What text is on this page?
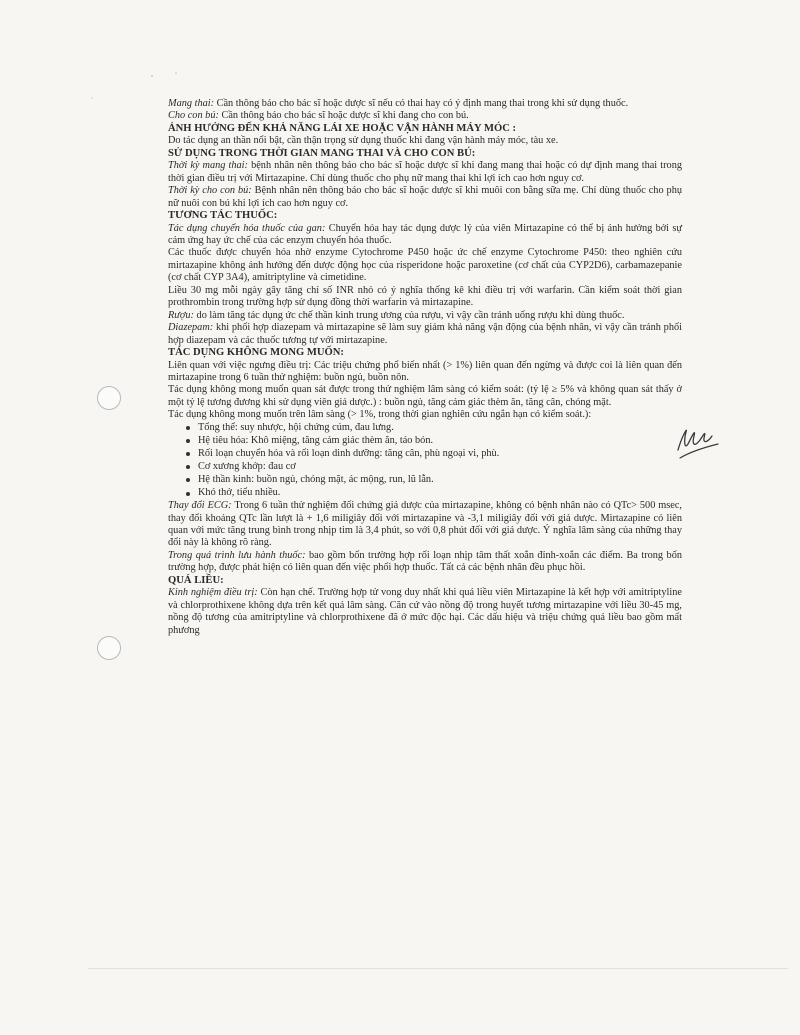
Mang thai: Cần thông báo cho bác sĩ hoặc dược sĩ nếu có thai hay có ý định mang thai trong khi sử dụng thuốc.

Cho con bú: Cần thông báo cho bác sĩ hoặc dược sĩ khi đang cho con bú.

ẢNH HƯỞNG ĐẾN KHẢ NĂNG LÁI XE HOẶC VẬN HÀNH MÁY MÓC :

Do tác dụng an thần nổi bật, cần thận trọng sử dụng thuốc khi đang vận hành máy móc, tàu xe.

SỬ DỤNG TRONG THỜI GIAN MANG THAI VÀ CHO CON BÚ:

Thời kỳ mang thai: bệnh nhân nên thông báo cho bác sĩ hoặc dược sĩ khi đang mang thai hoặc có dự định mang thai trong thời gian điều trị với Mirtazapine. Chỉ dùng thuốc cho phụ nữ mang thai khi lợi ích cao hơn nguy cơ.

Thời kỳ cho con bú: Bệnh nhân nên thông báo cho bác sĩ hoặc dược sĩ khi muôi con bằng sữa mẹ. Chỉ dùng thuốc cho phụ nữ nuôi con bú khi lợi ích cao hơn nguy cơ.

TƯƠNG TÁC THUỐC:

Tác dụng chuyển hóa thuốc của gan: Chuyển hóa hay tác dụng dược lý của viên Mirtazapine có thể bị ảnh hưởng bởi sự cảm ứng hay ức chế của các enzym chuyển hóa thuốc.

Các thuốc được chuyển hóa nhờ enzyme Cytochrome P450 hoặc ức chế enzyme Cytochrome P450: theo nghiên cứu mirtazapine không ảnh hưởng đến dược động học của risperidone hoặc paroxetine (cơ chất của CYP2D6), carbamazepanie (cơ chất CYP 3A4), amitriptyline và cimetidine.

Liều 30 mg mỗi ngày gây tăng chỉ số INR nhỏ có ý nghĩa thống kê khi điều trị với warfarin. Cần kiểm soát thời gian prothrombin trong trường hợp sử dụng đồng thời warfarin và mirtazapine.

Rượu: do làm tăng tác dụng ức chế thần kinh trung ương của rượu, vì vậy cần tránh uống rượu khi dùng thuốc.

Diazepam: khi phối hợp diazepam và mirtazapine sẽ làm suy giảm khả năng vận động của bệnh nhân, vì vậy cần tránh phối hợp diazepam và các thuốc tương tự với mirtazapine.

TÁC DỤNG KHÔNG MONG MUỐN:

Liên quan với việc ngưng điều trị: Các triệu chứng phổ biến nhất (> 1%) liên quan đến ngừng và được coi là liên quan đến mirtazapine trong 6 tuần thử nghiệm: buồn ngủ, buồn nôn.

Tác dụng không mong muốn quan sát được trong thử nghiệm lâm sàng có kiểm soát: (tỷ lệ ≥ 5% và không quan sát thấy ở một tỷ lệ tương đương khi sử dụng viên giả dược.) : buồn ngủ, tăng cảm giác thèm ăn, tăng cân, chóng mặt.

Tác dụng không mong muốn trên lâm sàng (> 1%, trong thời gian nghiên cứu ngắn hạn có kiểm soát.):

Tổng thể: suy nhược, hội chứng cúm, đau lưng.
Hệ tiêu hóa: Khô miệng, tăng cảm giác thèm ăn, táo bón.
Rối loạn chuyển hóa và rối loạn dinh dưỡng: tăng cân, phù ngoại vi, phù.
Cơ xương khớp: đau cơ
Hệ thần kinh: buồn ngủ, chóng mặt, ác mộng, run, lũ lẫn.
Khó thở, tiểu nhiều.

Thay đổi ECG: Trong 6 tuần thử nghiệm đối chứng giả dược của mirtazapine, không có bệnh nhân nào có QTc> 500 msec, thay đổi khoảng QTc lần lượt là + 1,6 miligiây đối với mirtazapine và -3,1 miligiây đối với giả dược. Mirtazapine có liên quan với mức tăng trung bình trong nhịp tim là 3,4 phút, so với 0,8 phút đối với giả dược. Ý nghĩa lâm sàng của những thay đổi này là không rõ ràng.

Trong quá trình lưu hành thuốc: bao gồm bốn trường hợp rối loạn nhịp tâm thất xoắn đỉnh-xoắn các điểm. Ba trong bốn trường hợp, được phát hiện có liên quan đến việc phối hợp thuốc. Tất cả các bệnh nhân đều phục hồi.

QUÁ LIỀU:

Kinh nghiệm điều trị: Còn hạn chế. Trường hợp tử vong duy nhất khi quá liều viên Mirtazapine là kết hợp với amitriptyline và chlorprothixene không dựa trên kết quả lâm sàng. Căn cứ vào nồng độ trong huyết tương mirtazapine với liều 30-45 mg, nồng độ tương của amitriptyline và chlorprothixene đã ở mức độc hại. Các dấu hiệu và triệu chứng quá liều bao gồm mất phương
